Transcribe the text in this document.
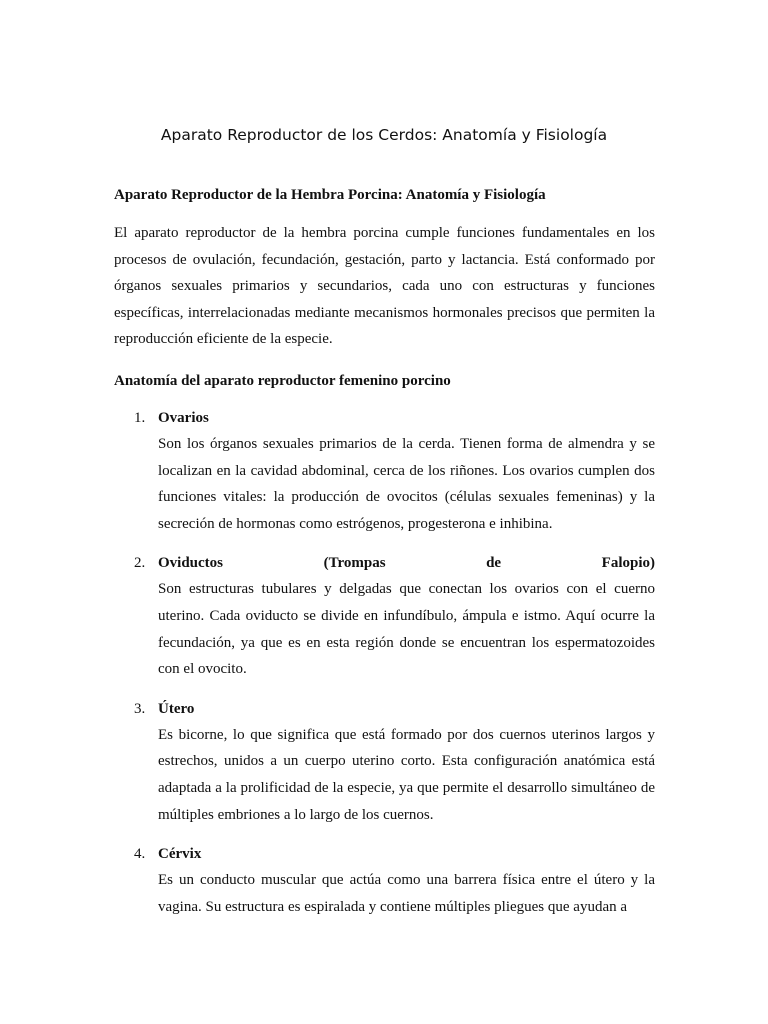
Aparato Reproductor de los Cerdos: Anatomía y Fisiología
Aparato Reproductor de la Hembra Porcina: Anatomía y Fisiología

El aparato reproductor de la hembra porcina cumple funciones fundamentales en los procesos de ovulación, fecundación, gestación, parto y lactancia. Está conformado por órganos sexuales primarios y secundarios, cada uno con estructuras y funciones específicas, interrelacionadas mediante mecanismos hormonales precisos que permiten la reproducción eficiente de la especie.

Anatomía del aparato reproductor femenino porcino
1. Ovarios
Son los órganos sexuales primarios de la cerda. Tienen forma de almendra y se localizan en la cavidad abdominal, cerca de los riñones. Los ovarios cumplen dos funciones vitales: la producción de ovocitos (células sexuales femeninas) y la secreción de hormonas como estrógenos, progesterona e inhibina.
2. Oviductos (Trompas de Falopio)
Son estructuras tubulares y delgadas que conectan los ovarios con el cuerno uterino. Cada oviducto se divide en infundíbulo, ámpula e istmo. Aquí ocurre la fecundación, ya que es en esta región donde se encuentran los espermatozoides con el ovocito.
3. Útero
Es bicorne, lo que significa que está formado por dos cuernos uterinos largos y estrechos, unidos a un cuerpo uterino corto. Esta configuración anatómica está adaptada a la prolificidad de la especie, ya que permite el desarrollo simultáneo de múltiples embriones a lo largo de los cuernos.
4. Cérvix
Es un conducto muscular que actúa como una barrera física entre el útero y la vagina. Su estructura es espiralada y contiene múltiples pliegues que ayudan a
